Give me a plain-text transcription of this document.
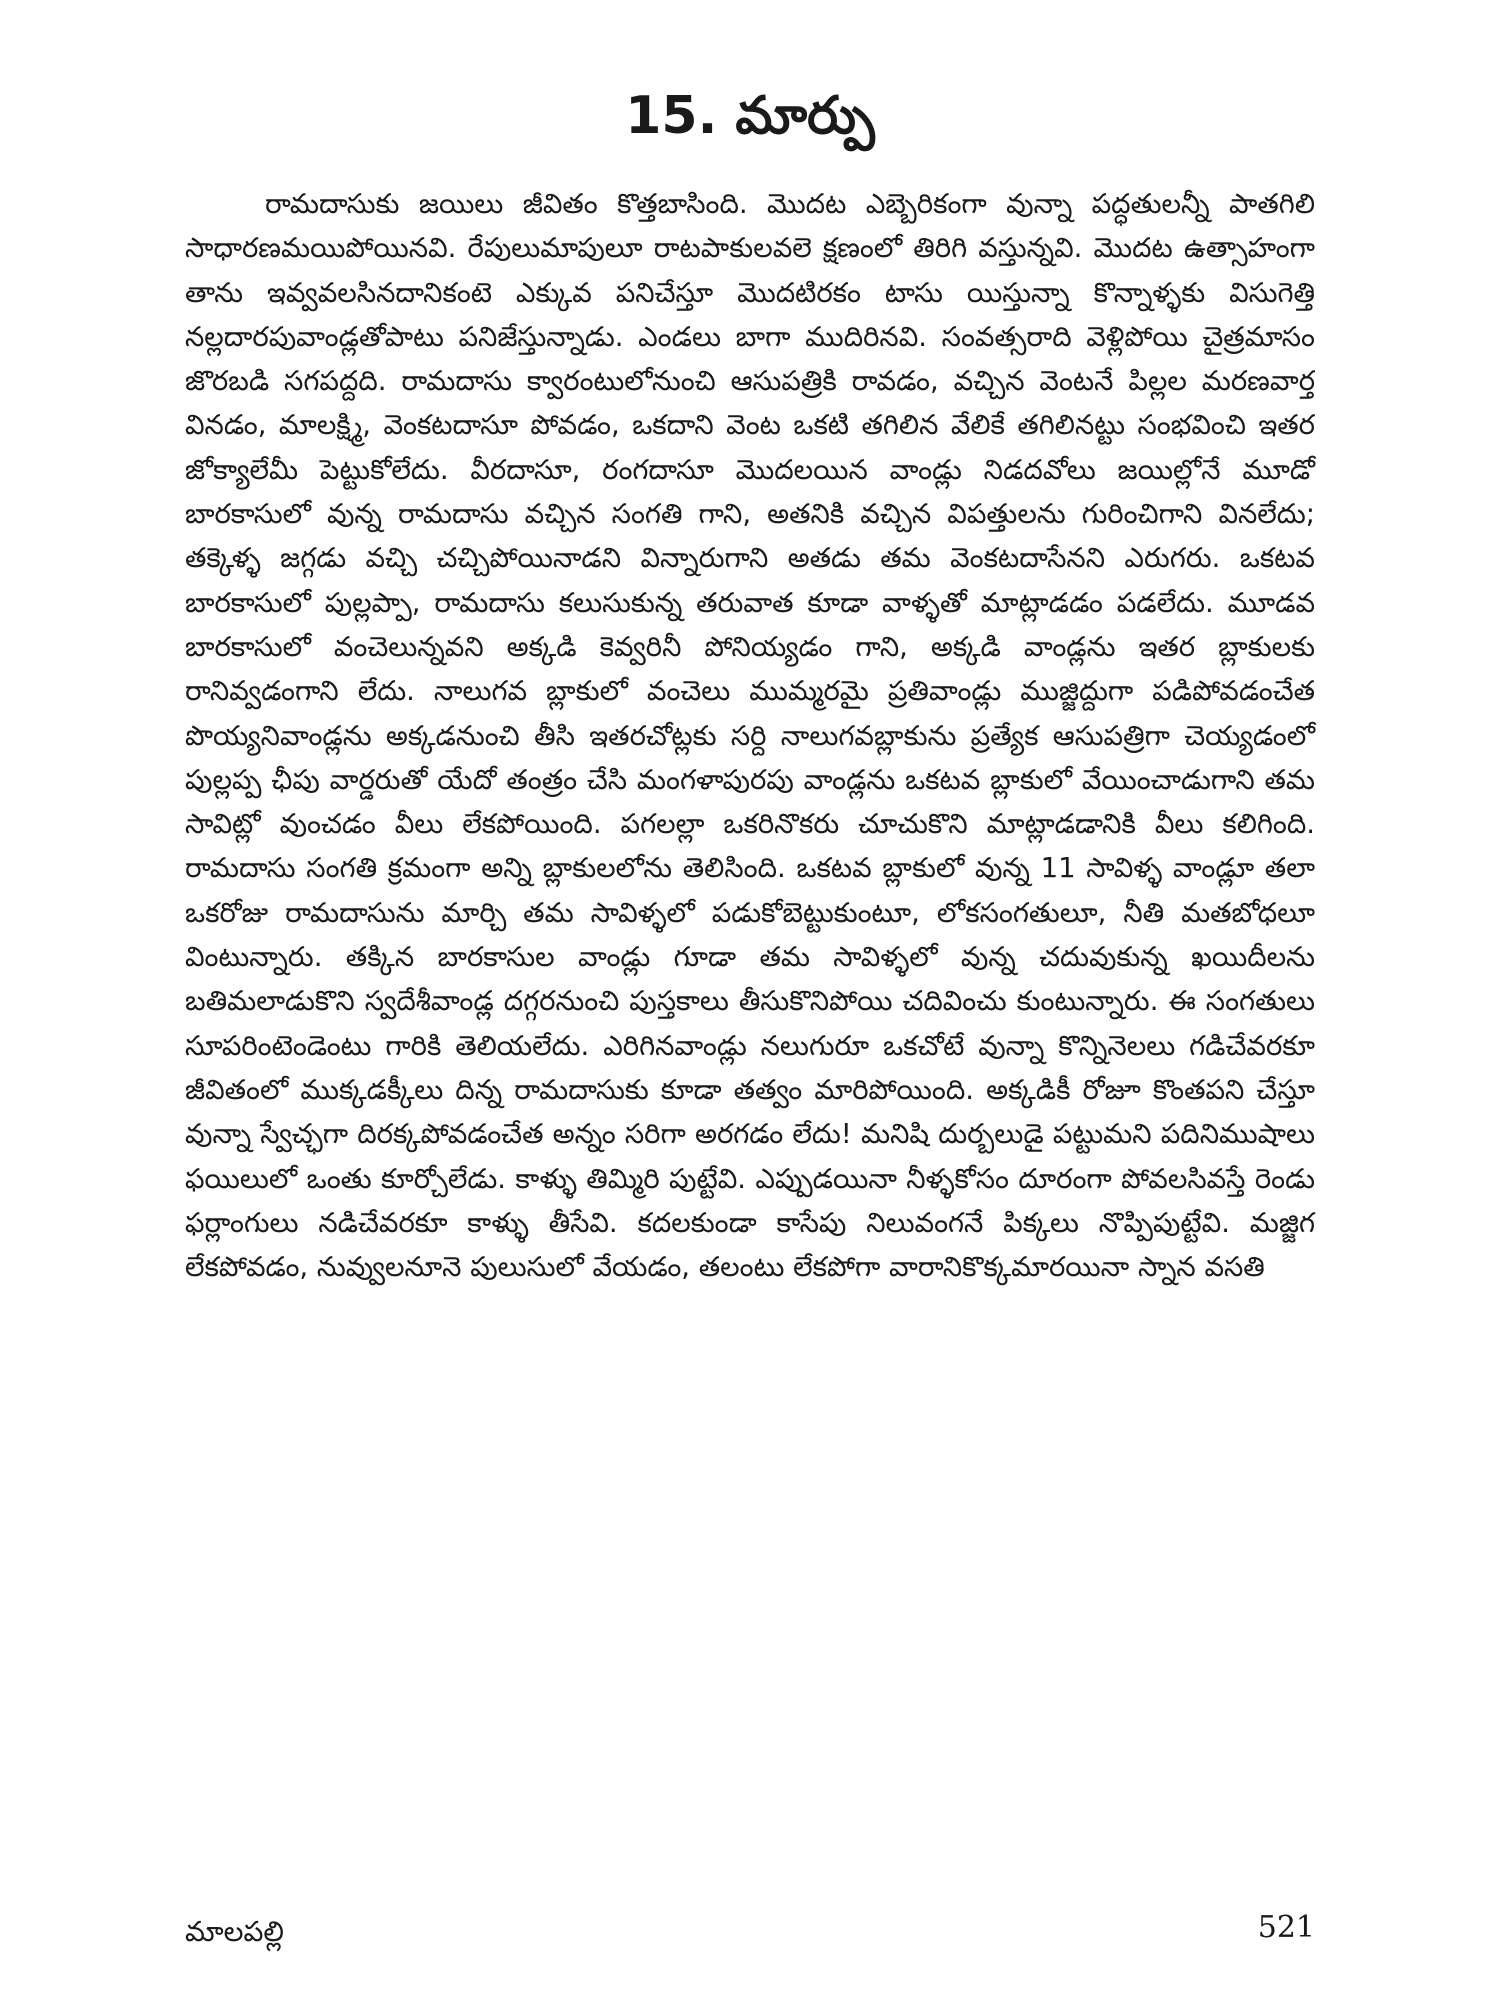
15. మార్పు

రామదాసుకు జయిలు జీవితం కొత్తబాసింది. మొదట ఎబ్బెరికంగా వున్నా పద్ధతులన్నీ పాతగిలి సాధారణమయిపోయినవి. రేపులుమాపులూ రాటపాకులవలె క్షణంలో తిరిగి వస్తున్నవి. మొదట ఉత్సాహంగా తాను ఇవ్వవలసినదానికంటె ఎక్కువ పనిచేస్తూ మొదటిరకం టాసు యిస్తున్నా కొన్నాళ్ళకు విసుగెత్తి నల్లదారపువాండ్లతోపాటు పనిజేస్తున్నాడు. ఎండలు బాగా ముదిరినవి. సంవత్సరాది వెళ్లిపోయి చైత్రమాసం జొరబడి సగపద్దది. రామదాసు క్వారంటులోనుంచి ఆసుపత్రికి రావడం, వచ్చిన వెంటనే పిల్లల మరణవార్త వినడం, మాలక్ష్మి, వెంకటదాసూ పోవడం, ఒకదాని వెంట ఒకటి తగిలిన వేలికే తగిలినట్టు సంభవించి ఇతర జోక్యాలేమీ పెట్టుకోలేదు. వీరదాసూ, రంగదాసూ మొదలయిన వాండ్లు నిడదవోలు జయిల్లోనే మూడో బారకాసులో వున్న రామదాసు వచ్చిన సంగతి గాని, అతనికి వచ్చిన విపత్తులను గురించిగాని వినలేదు; తక్కెళ్ళ జగ్గడు వచ్చి చచ్చిపోయినాడని విన్నారుగాని అతడు తమ వెంకటదాసేనని ఎరుగరు. ఒకటవ బారకాసులో పుల్లప్పా, రామదాసు కలుసుకున్న తరువాత కూడా వాళ్ళతో మాట్లాడడం పడలేదు. మూడవ బారకాసులో వంచెలున్నవని అక్కడి కెవ్వరినీ పోనియ్యడం గాని, అక్కడి వాండ్లను ఇతర బ్లాకులకు రానివ్వడంగాని లేదు. నాలుగవ బ్లాకులో వంచెలు ముమ్మరమై ప్రతివాండ్లు ముజ్జిద్దుగా పడిపోవడంచేత పొయ్యనివాండ్లను అక్కడనుంచి తీసి ఇతరచోట్లకు సర్ది నాలుగవబ్లాకును ప్రత్యేక ఆసుపత్రిగా చెయ్యడంలో పుల్లప్ప ఛీపు వార్డరుతో యేదో తంత్రం చేసి మంగళాపురపు వాండ్లను ఒకటవ బ్లాకులో వేయించాడుగాని తమ సావిట్లో వుంచడం వీలు లేకపోయింది. పగలల్లా ఒకరినొకరు చూచుకొని మాట్లాడడానికి వీలు కలిగింది. రామదాసు సంగతి క్రమంగా అన్ని బ్లాకులలోను తెలిసింది. ఒకటవ బ్లాకులో వున్న 11 సావిళ్ళ వాండ్లూ తలా ఒకరోజు రామదాసును మార్చి తమ సావిళ్ళలో పడుకోబెట్టుకుంటూ, లోకసంగతులూ, నీతి మతబోధలూ వింటున్నారు. తక్కిన బారకాసుల వాండ్లు గూడా తమ సావిళ్ళలో వున్న చదువుకున్న ఖయిదీలను బతిమలాడుకొని స్వదేశీవాండ్ల దగ్గరనుంచి పుస్తకాలు తీసుకొనిపోయి చదివించు కుంటున్నారు. ఈ సంగతులు సూపరింటెండెంటు గారికి తెలియలేదు. ఎరిగినవాండ్లు నలుగురూ ఒకచోటే వున్నా కొన్నినెలలు గడిచేవరకూ జీవితంలో ముక్కడక్కీలు దిన్న రామదాసుకు కూడా తత్వం మారిపోయింది. అక్కడికీ రోజూ కొంతపని చేస్తూ వున్నా స్వేచ్ఛగా దిరక్కపోవడంచేత అన్నం సరిగా అరగడం లేదు! మనిషి దుర్బలుడై పట్టుమని పదినిముషాలు ఫయిలులో ఒంతు కూర్చోలేడు. కాళ్ళు తిమ్మిరి పుట్టేవి. ఎప్పుడయినా నీళ్ళకోసం దూరంగా పోవలసివస్తే రెండు ఫర్లాంగులు నడిచేవరకూ కాళ్ళు తీసేవి. కదలకుండా కాసేపు నిలువంగనే పిక్కలు నొప్పిపుట్టేవి. మజ్జిగ లేకపోవడం, నువ్వులనూనె పులుసులో వేయడం, తలంటు లేకపోగా వారానికొక్కమారయినా స్నాన వసతి

మాలపల్లి	521
